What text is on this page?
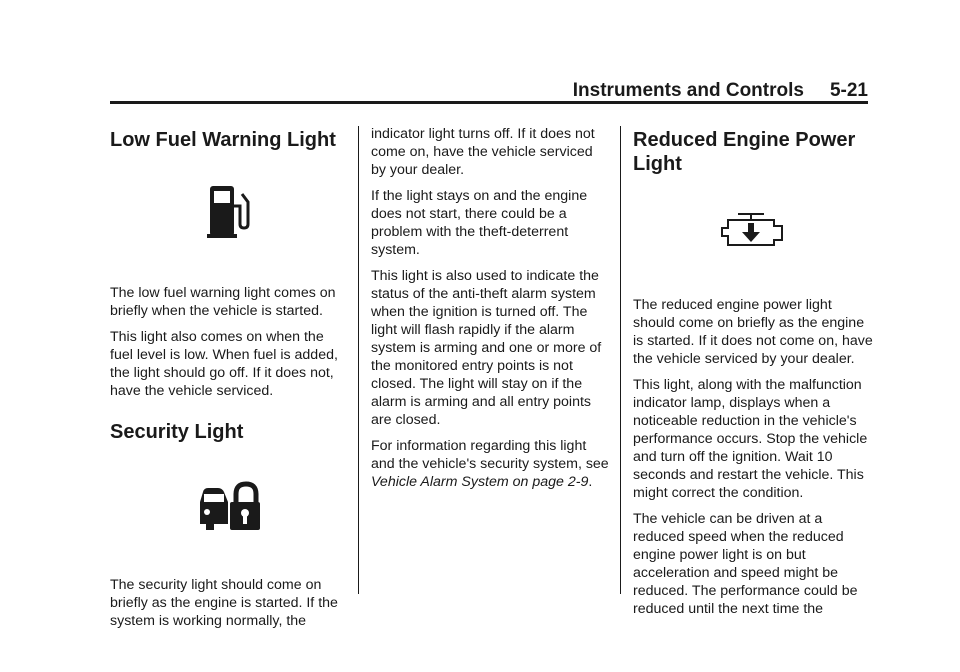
Instruments and Controls 5-21
Low Fuel Warning Light

The low fuel warning light comes on briefly when the vehicle is started.

This light also comes on when the fuel level is low. When fuel is added, the light should go off. If it does not, have the vehicle serviced.

Security Light

The security light should come on briefly as the engine is started. If the system is working normally, the

indicator light turns off. If it does not come on, have the vehicle serviced by your dealer.

If the light stays on and the engine does not start, there could be a problem with the theft-deterrent system.

This light is also used to indicate the status of the anti-theft alarm system when the ignition is turned off. The light will flash rapidly if the alarm system is arming and one or more of the monitored entry points is not closed. The light will stay on if the alarm is arming and all entry points are closed.

For information regarding this light and the vehicle's security system, see Vehicle Alarm System on page 2-9.

Reduced Engine Power Light

The reduced engine power light should come on briefly as the engine is started. If it does not come on, have the vehicle serviced by your dealer.

This light, along with the malfunction indicator lamp, displays when a noticeable reduction in the vehicle's performance occurs. Stop the vehicle and turn off the ignition. Wait 10 seconds and restart the vehicle. This might correct the condition.

The vehicle can be driven at a reduced speed when the reduced engine power light is on but acceleration and speed might be reduced. The performance could be reduced until the next time the
